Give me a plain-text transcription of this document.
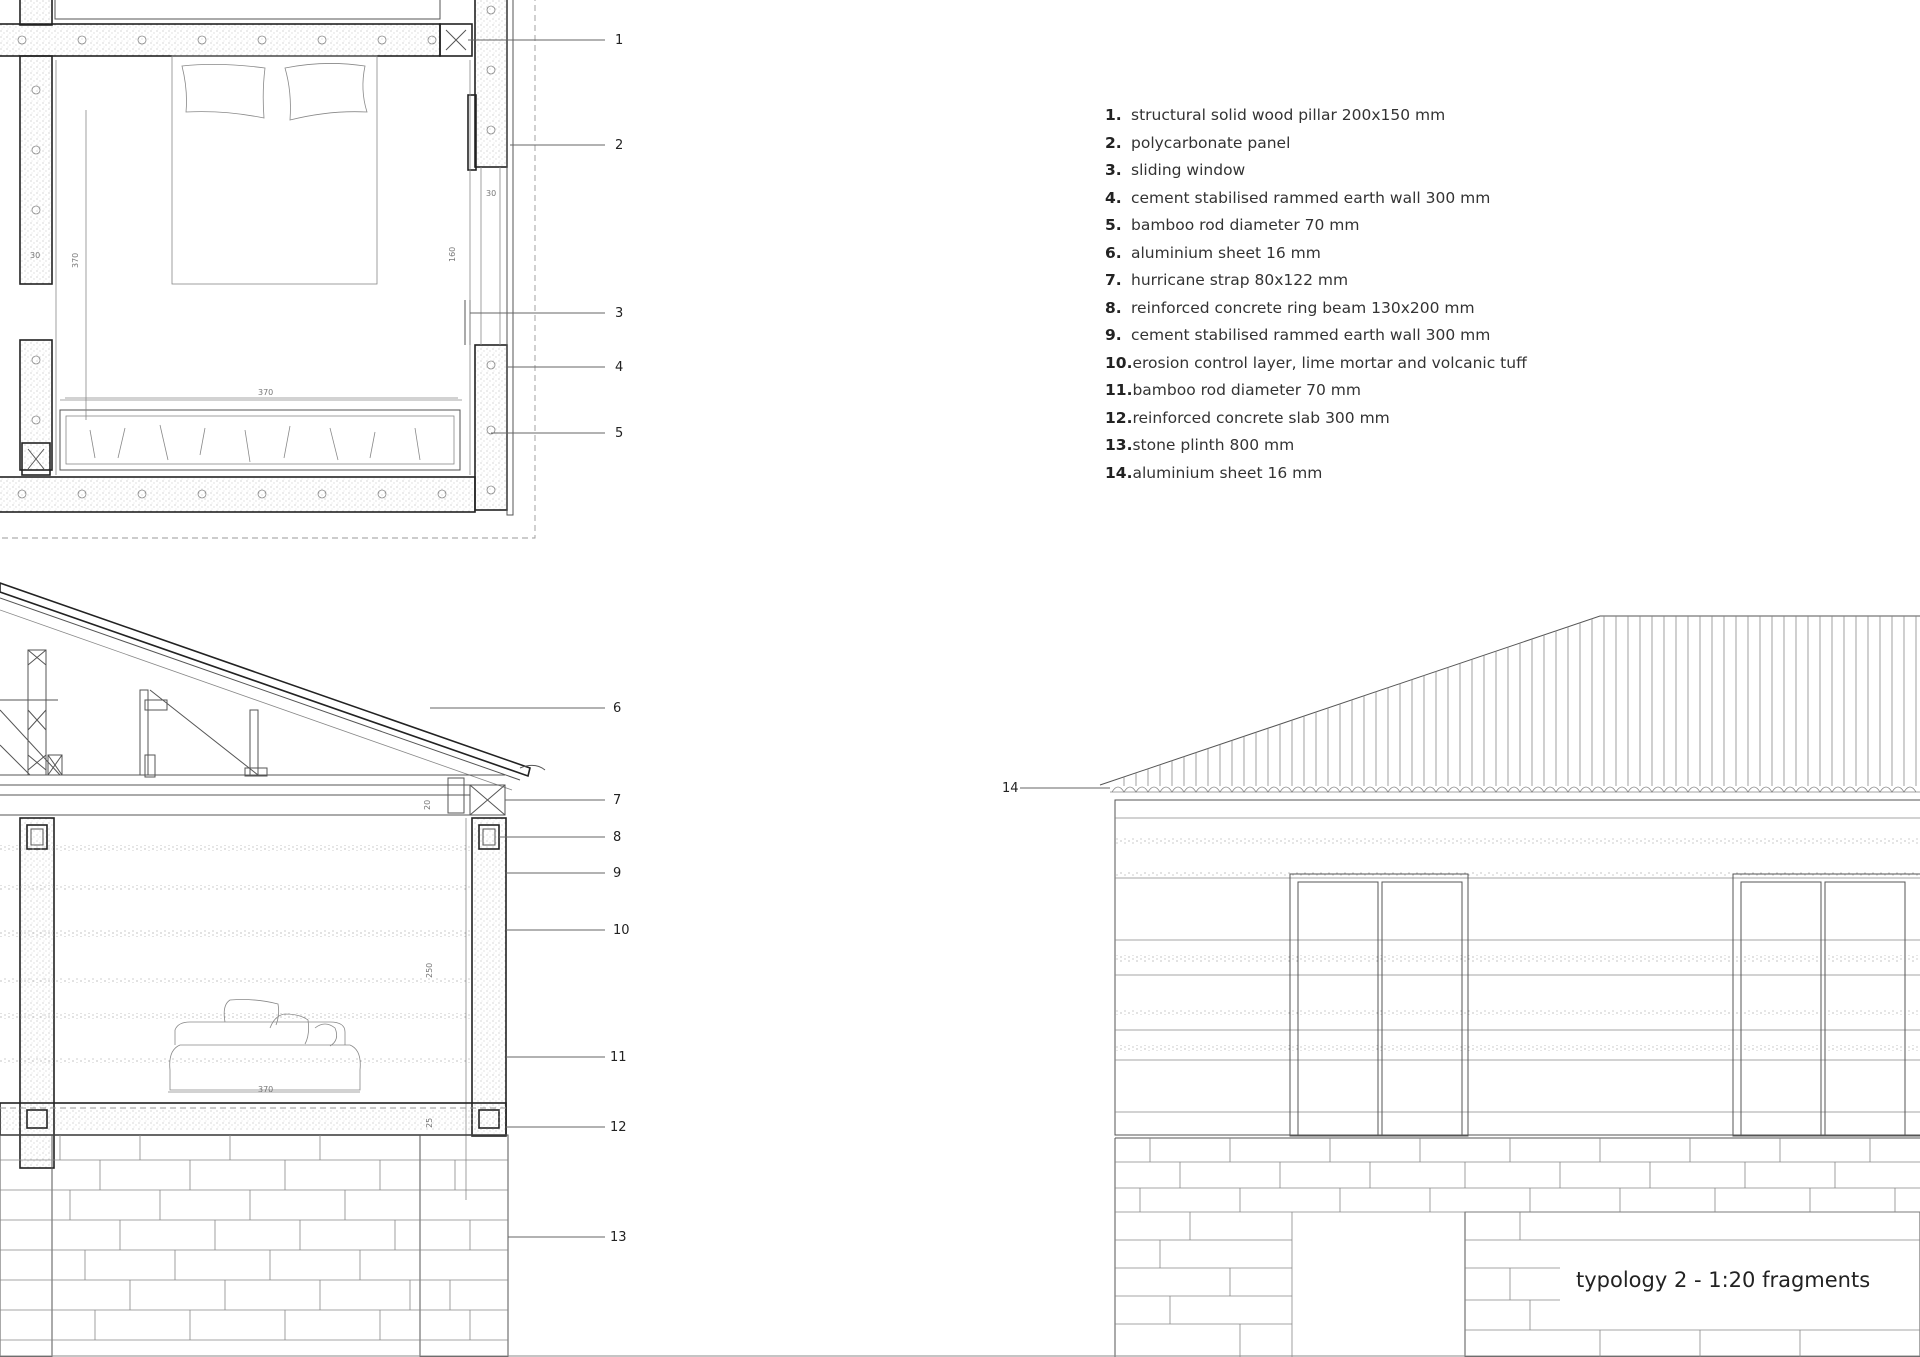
370
370
30
30
160
1
2
3
4
5
20
250
370
25
6
7
8
9
10
11
12
13
14
1. structural solid wood pillar 200x150 mm
2. polycarbonate panel
3. sliding window
4. cement stabilised rammed earth wall 300 mm
5. bamboo rod diameter 70 mm
6. aluminium sheet 16 mm
7. hurricane strap 80x122 mm
8. reinforced concrete ring beam 130x200 mm
9. cement stabilised rammed earth wall 300 mm
10. erosion control layer, lime mortar and volcanic tuff
11. bamboo rod diameter 70 mm
12. reinforced concrete slab 300 mm
13. stone plinth 800 mm
14. aluminium sheet 16 mm
typology 2 - 1:20 fragments
